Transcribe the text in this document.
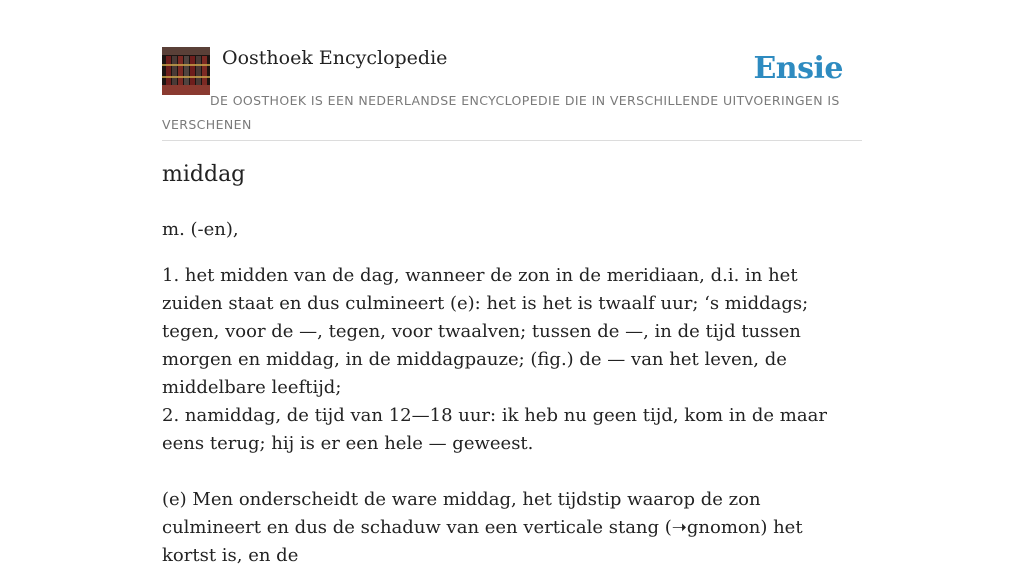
Oosthoek Encyclopedie	Ensie
DE OOSTHOEK IS EEN NEDERLANDSE ENCYCLOPEDIE DIE IN VERSCHILLENDE UITVOERINGEN IS VERSCHENEN
middag

m. (-en),

1. het midden van de dag, wanneer de zon in de meridiaan, d.i. in het zuiden staat en dus culmineert (e): het is het is twaalf uur; ‘s middags; tegen, voor de —, tegen, voor twaalven; tussen de —, in de tijd tussen morgen en middag, in de middagpauze; (fig.) de — van het leven, de middelbare leeftijd;
2. namiddag, de tijd van 12—18 uur: ik heb nu geen tijd, kom in de maar eens terug; hij is er een hele — geweest.

(e) Men onderscheidt de ware middag, het tijdstip waarop de zon culmineert en dus de schaduw van een verticale stang (➝gnomon) het kortst is, en de
